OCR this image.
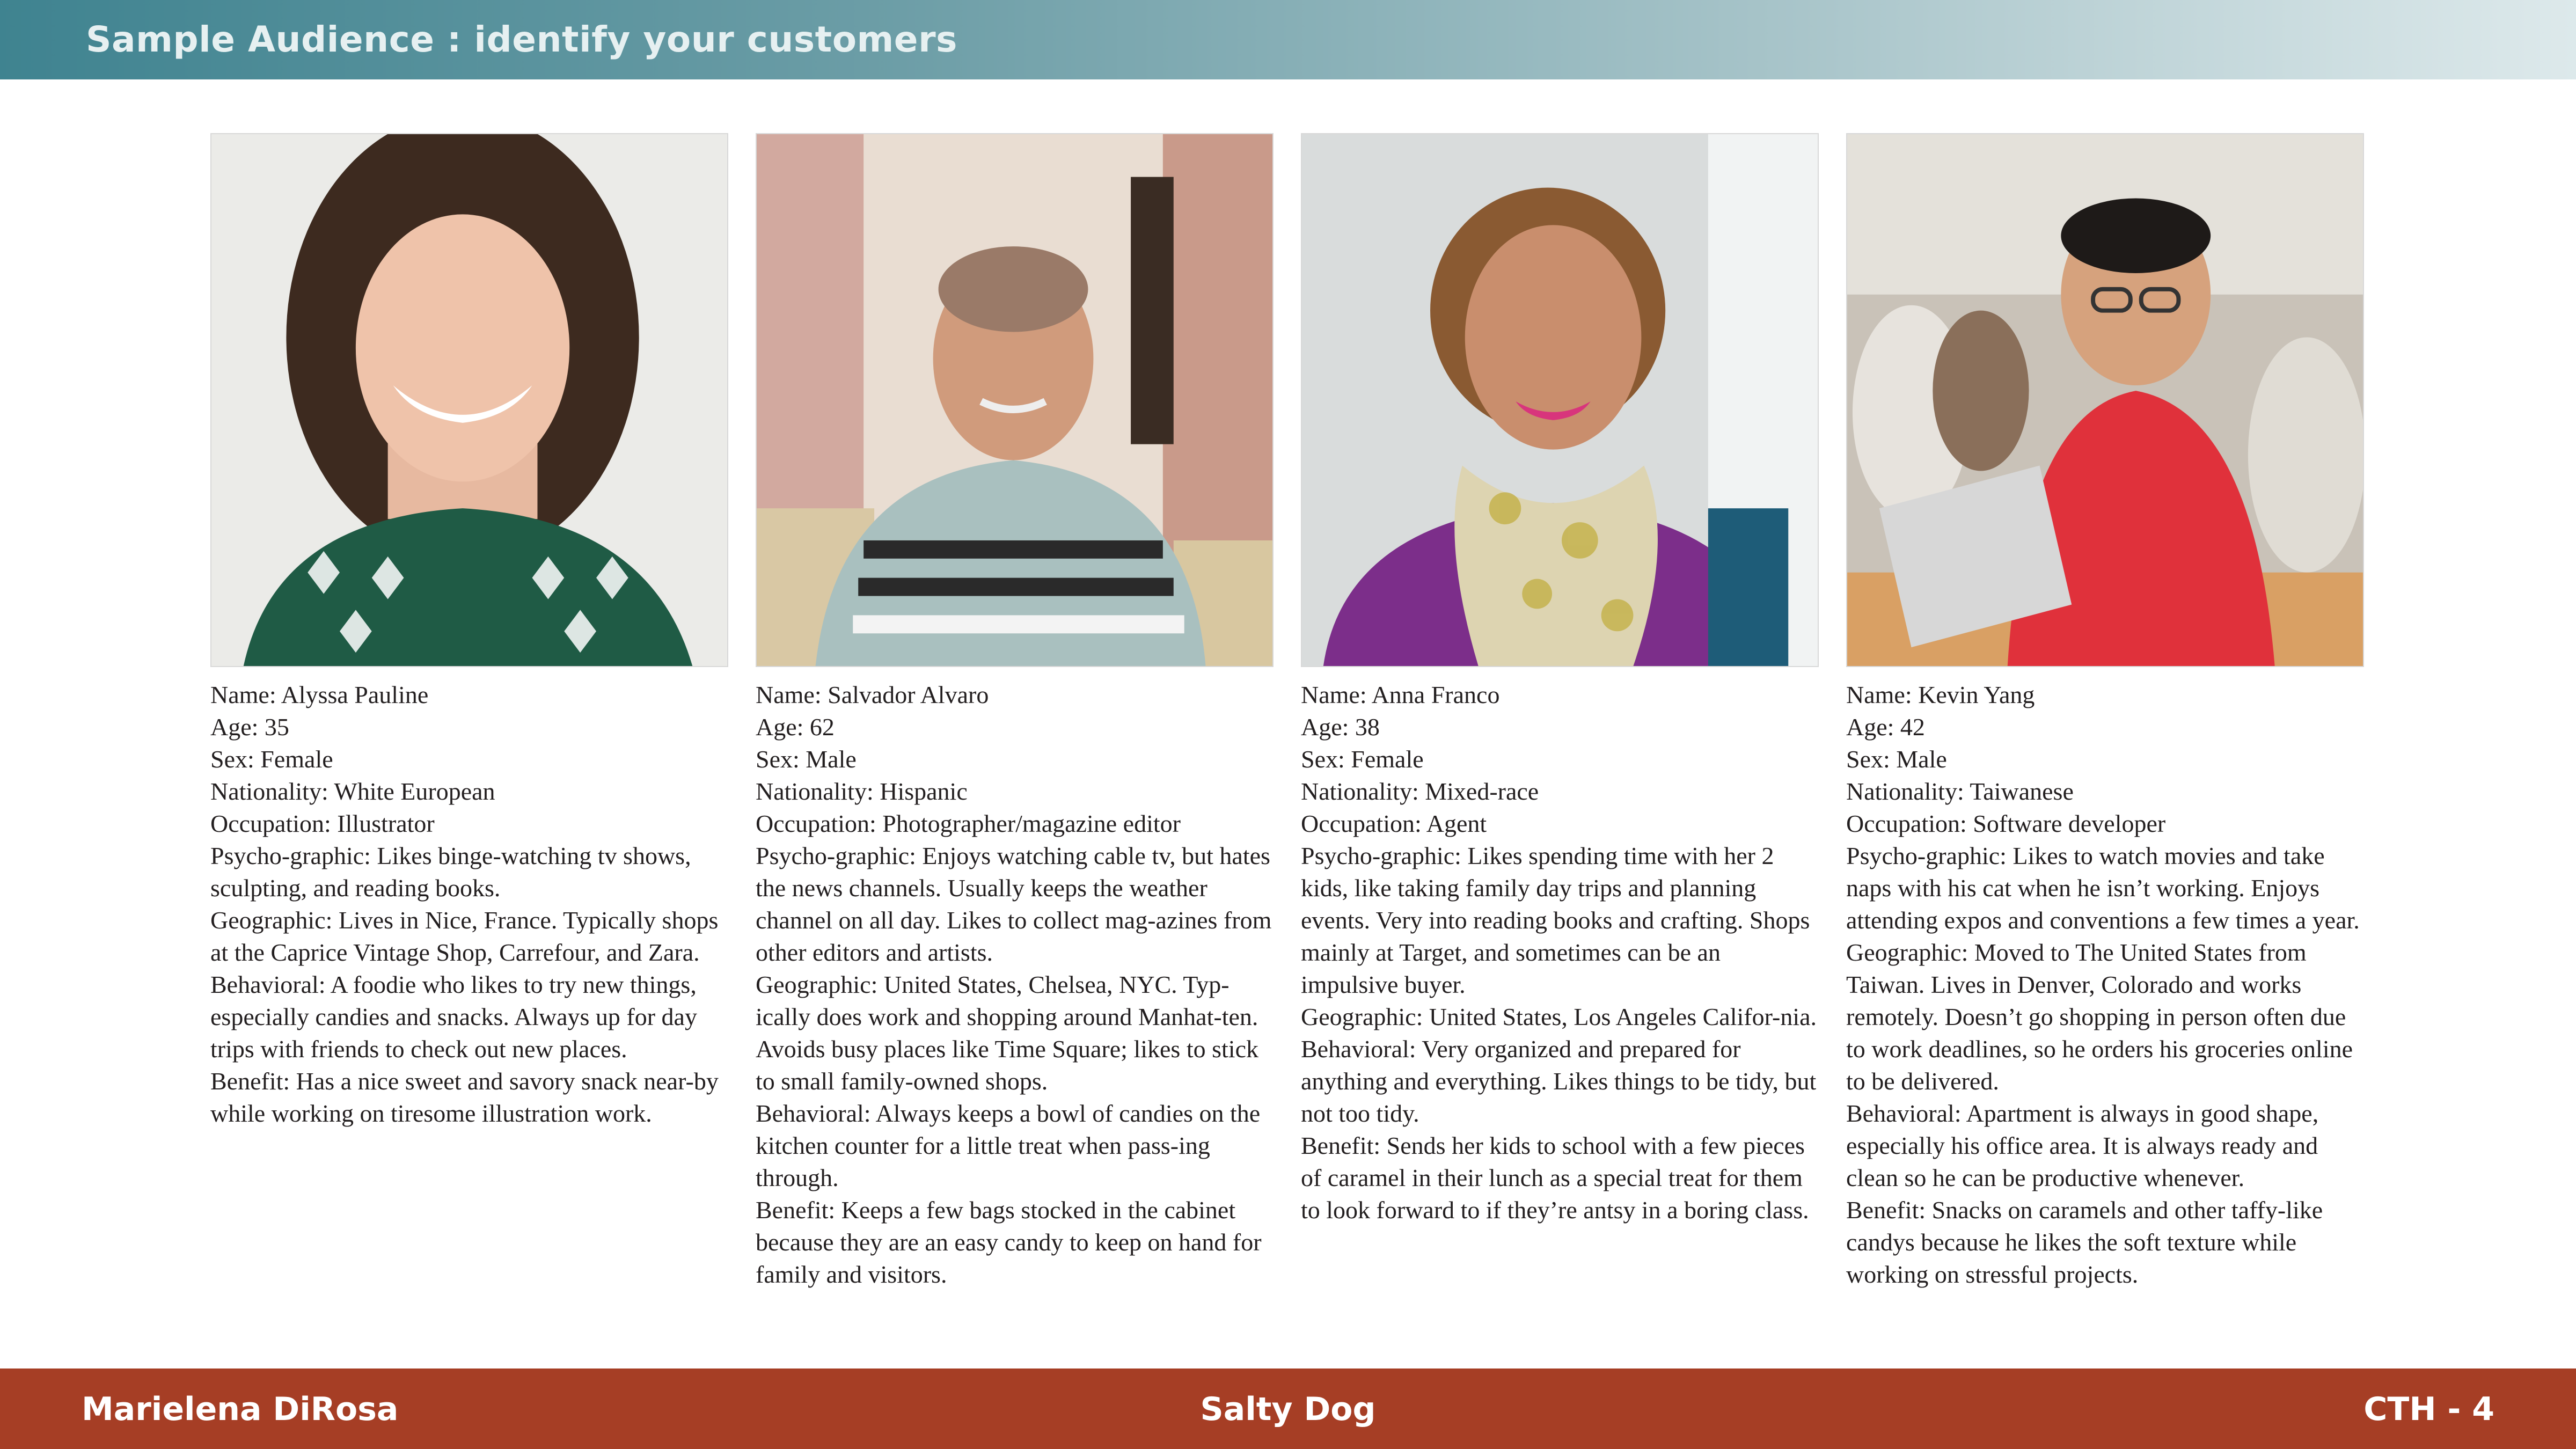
Sample Audience : identify your customers
Name: Alyssa Pauline
Age: 35
Sex: Female
Nationality: White European
Occupation: Illustrator
Psycho-graphic: Likes binge-watching tv shows, sculpting, and reading books.
Geographic: Lives in Nice, France. Typically shops at the Caprice Vintage Shop, Carrefour, and Zara.
Behavioral: A foodie who likes to try new things, especially candies and snacks. Always up for day trips with friends to check out new places.
Benefit: Has a nice sweet and savory snack near-by while working on tiresome illustration work.
Name: Salvador Alvaro
Age: 62
Sex: Male
Nationality: Hispanic
Occupation: Photographer/magazine editor
Psycho-graphic: Enjoys watching cable tv, but hates the news channels. Usually keeps the weather channel on all day. Likes to collect mag-azines from other editors and artists.
Geographic: United States, Chelsea, NYC. Typ-ically does work and shopping around Manhat-ten. Avoids busy places like Time Square; likes to stick to small family-owned shops.
Behavioral: Always keeps a bowl of candies on the kitchen counter for a little treat when pass-ing through.
Benefit: Keeps a few bags stocked in the cabinet because they are an easy candy to keep on hand for family and visitors.
Name: Anna Franco
Age: 38
Sex: Female
Nationality: Mixed-race
Occupation: Agent
Psycho-graphic: Likes spending time with her 2 kids, like taking family day trips and planning events. Very into reading books and crafting. Shops mainly at Target, and sometimes can be an impulsive buyer.
Geographic: United States, Los Angeles Califor-nia.
Behavioral: Very organized and prepared for anything and everything. Likes things to be tidy, but not too tidy.
Benefit: Sends her kids to school with a few pieces of caramel in their lunch as a special treat for them to look forward to if they’re antsy in a boring class.
Name: Kevin Yang
Age: 42
Sex: Male
Nationality: Taiwanese
Occupation: Software developer
Psycho-graphic: Likes to watch movies and take naps with his cat when he isn’t working. Enjoys attending expos and conventions a few times a year.
Geographic: Moved to The United States from Taiwan. Lives in Denver, Colorado and works remotely. Doesn’t go shopping in person often due to work deadlines, so he orders his groceries online to be delivered.
Behavioral: Apartment is always in good shape, especially his office area. It is always ready and clean so he can be productive whenever.
Benefit: Snacks on caramels and other taffy-like candys because he likes the soft texture while working on stressful projects.
Marielena DiRosa	Salty Dog	CTH - 4
